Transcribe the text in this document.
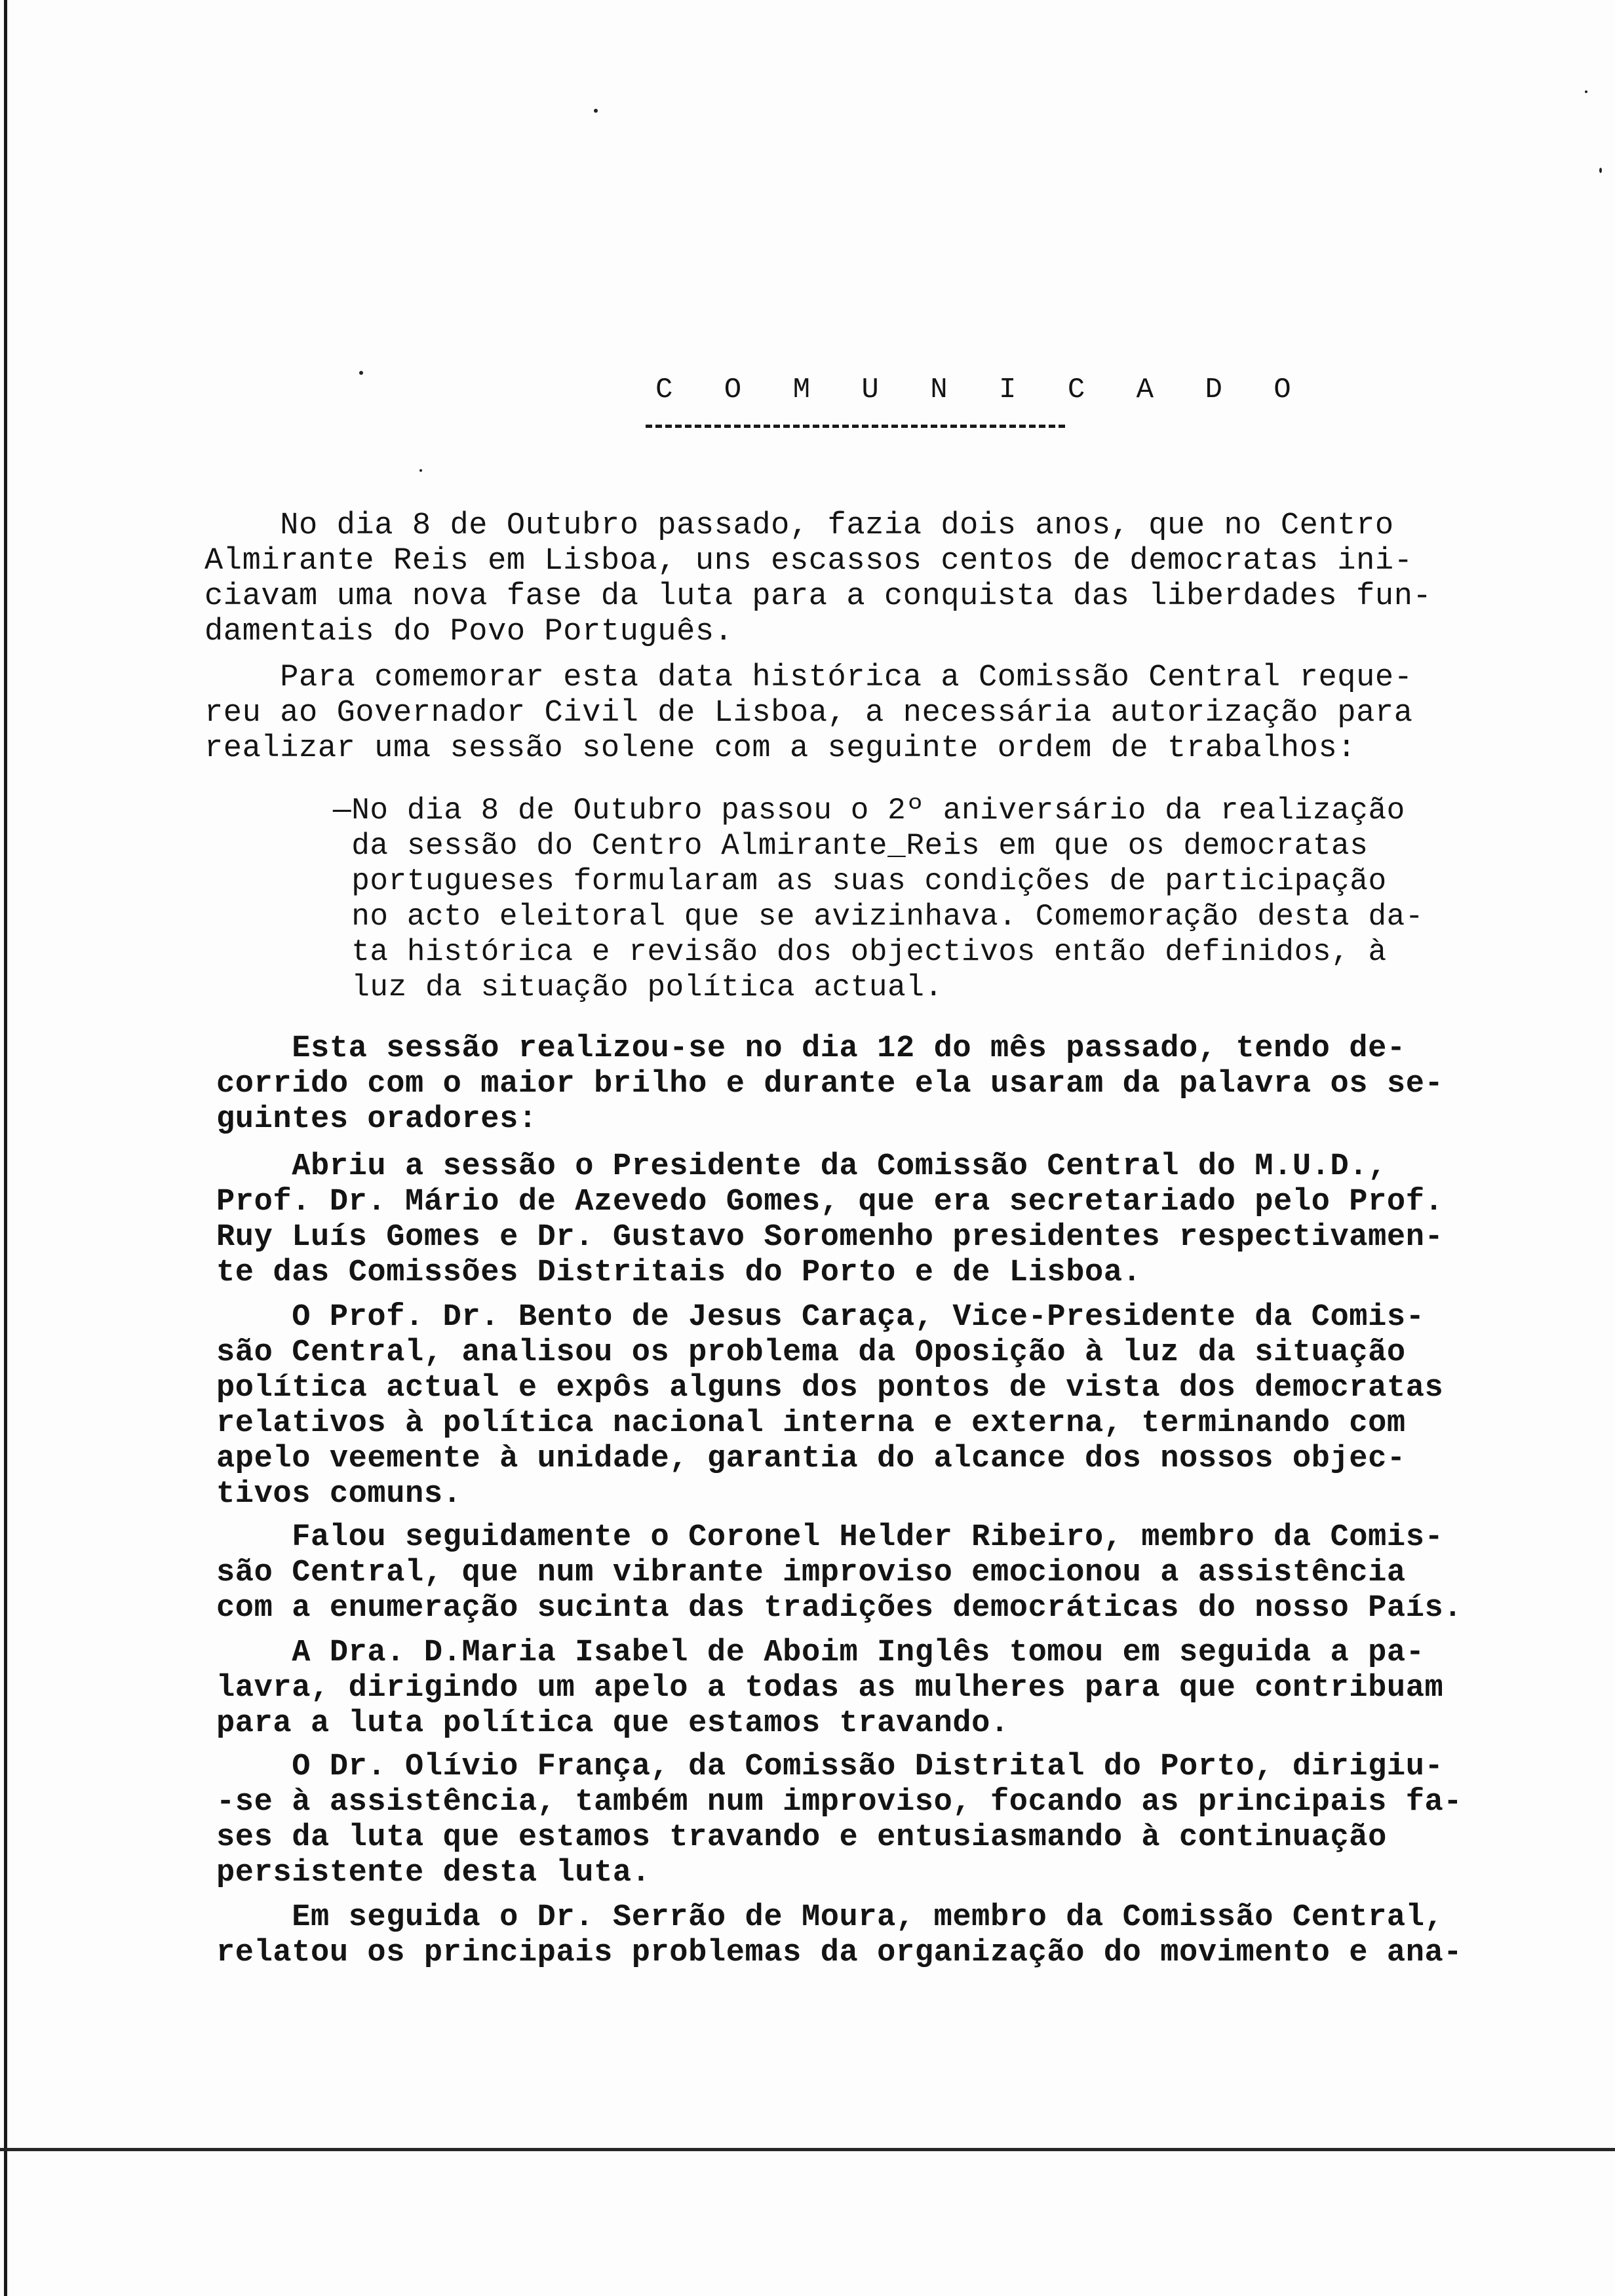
C O M U N I C A D O
No dia 8 de Outubro passado, fazia dois anos, que no Centro
Almirante Reis em Lisboa, uns escassos centos de democratas ini-
ciavam uma nova fase da luta para a conquista das liberdades fun-
damentais do Povo Português.
Para comemorar esta data histórica a Comissão Central reque-
reu ao Governador Civil de Lisboa, a necessária autorização para
realizar uma sessão solene com a seguinte ordem de trabalhos:
—No dia 8 de Outubro passou o 2º aniversário da realização
da sessão do Centro Almirante_Reis em que os democratas
portugueses formularam as suas condições de participação
no acto eleitoral que se avizinhava. Comemoração desta da-
ta histórica e revisão dos objectivos então definidos, à
luz da situação política actual.
Esta sessão realizou-se no dia 12 do mês passado, tendo de-
corrido com o maior brilho e durante ela usaram da palavra os se-
guintes oradores:
Abriu a sessão o Presidente da Comissão Central do M.U.D.,
Prof. Dr. Mário de Azevedo Gomes, que era secretariado pelo Prof.
Ruy Luís Gomes e Dr. Gustavo Soromenho presidentes respectivamen-
te das Comissões Distritais do Porto e de Lisboa.
O Prof. Dr. Bento de Jesus Caraça, Vice-Presidente da Comis-
são Central, analisou os problema da Oposição à luz da situação
política actual e expôs alguns dos pontos de vista dos democratas
relativos à política nacional interna e externa, terminando com
apelo veemente à unidade, garantia do alcance dos nossos objec-
tivos comuns.
Falou seguidamente o Coronel Helder Ribeiro, membro da Comis-
são Central, que num vibrante improviso emocionou a assistência
com a enumeração sucinta das tradições democráticas do nosso País.
A Dra. D.Maria Isabel de Aboim Inglês tomou em seguida a pa-
lavra, dirigindo um apelo a todas as mulheres para que contribuam
para a luta política que estamos travando.
O Dr. Olívio França, da Comissão Distrital do Porto, dirigiu-
-se à assistência, também num improviso, focando as principais fa-
ses da luta que estamos travando e entusiasmando à continuação
persistente desta luta.
Em seguida o Dr. Serrão de Moura, membro da Comissão Central,
relatou os principais problemas da organização do movimento e ana-
